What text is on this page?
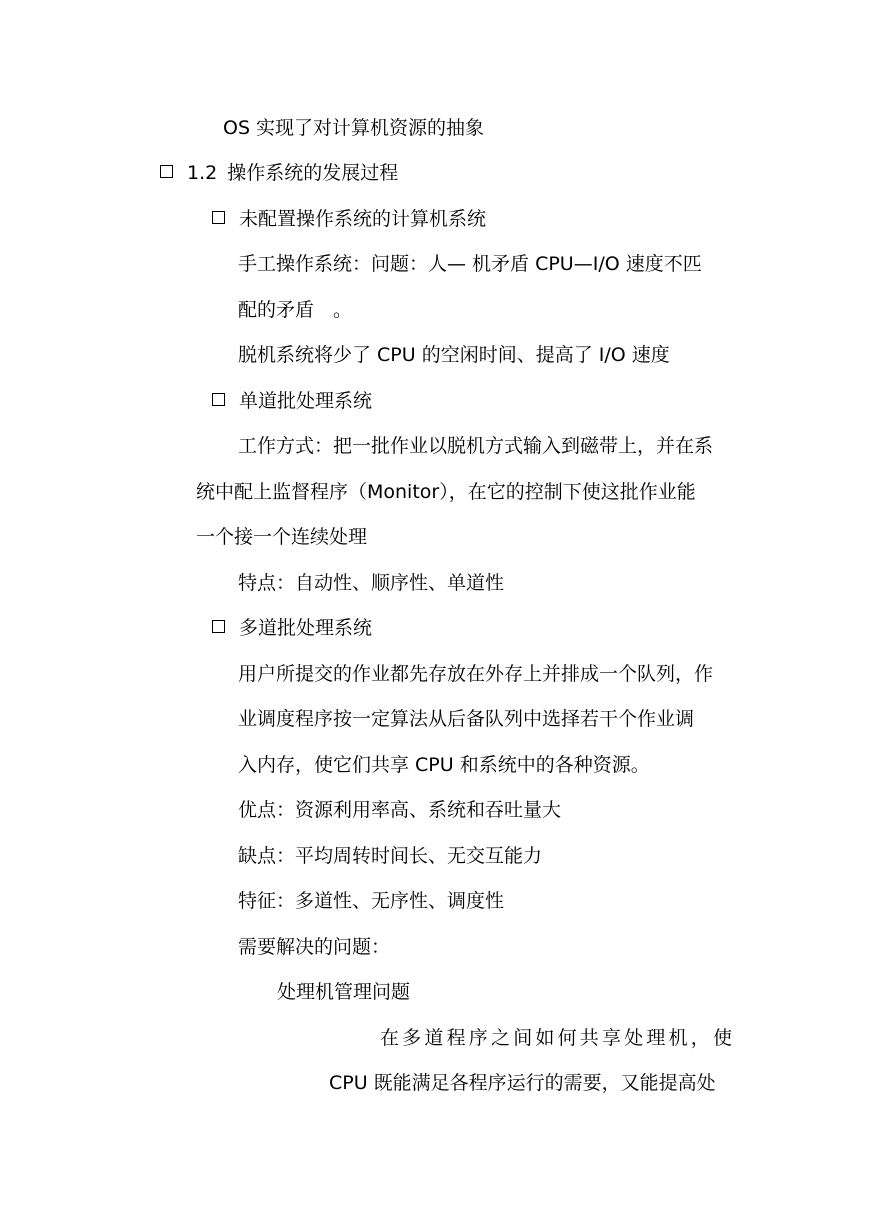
OS 实现了对计算机资源的抽象
1.2 操作系统的发展过程
未配置操作系统的计算机系统
手工操作系统：问题：人— 机矛盾 CPU—I/O 速度不匹
配的矛盾　。
脱机系统将少了 CPU 的空闲时间、提高了 I/O 速度
单道批处理系统
工作方式：把一批作业以脱机方式输入到磁带上，并在系
统中配上监督程序（Monitor），在它的控制下使这批作业能
一个接一个连续处理
特点：自动性、顺序性、单道性
多道批处理系统
用户所提交的作业都先存放在外存上并排成一个队列，作
业调度程序按一定算法从后备队列中选择若干个作业调
入内存，使它们共享 CPU 和系统中的各种资源。
优点：资源利用率高、系统和吞吐量大
缺点：平均周转时间长、无交互能力
特征：多道性、无序性、调度性
需要解决的问题：
处理机管理问题
在多道程序之间如何共享处理机，使
CPU 既能满足各程序运行的需要，又能提高处
